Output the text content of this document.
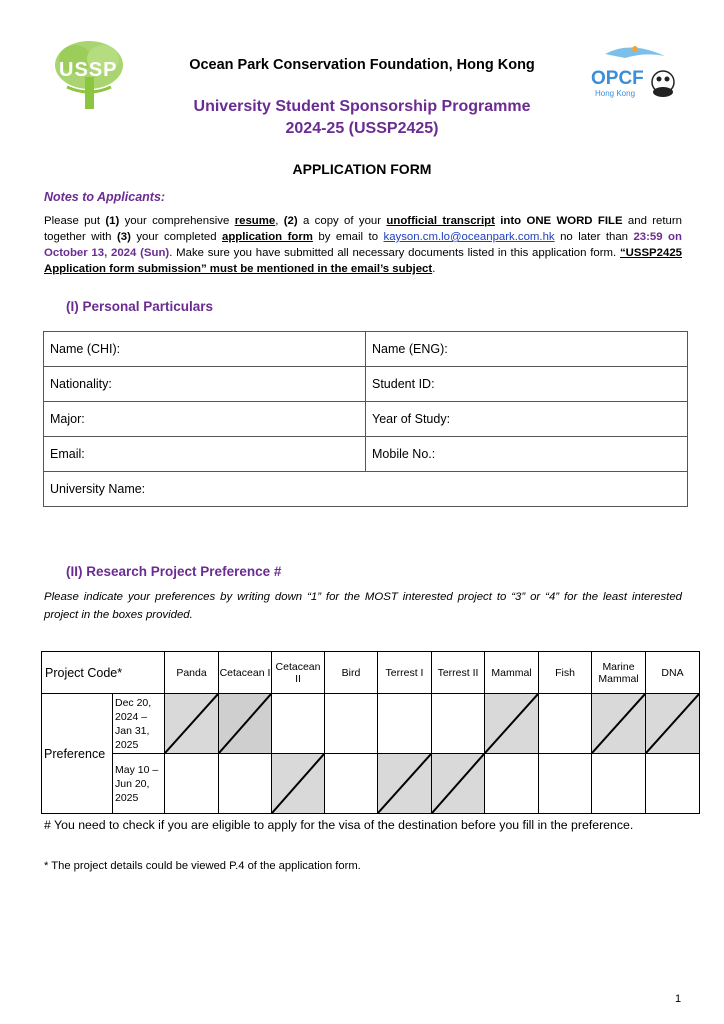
USSP	OPCF
Hong Kong
Ocean Park Conservation Foundation, Hong Kong
University Student Sponsorship Programme
2024-25 (USSP2425)
APPLICATION FORM
Notes to Applicants:
Please put (1) your comprehensive resume, (2) a copy of your unofficial transcript into ONE WORD FILE and return together with (3) your completed application form by email to kayson.cm.lo@oceanpark.com.hk no later than 23:59 on October 13, 2024 (Sun). Make sure you have submitted all necessary documents listed in this application form. “USSP2425 Application form submission” must be mentioned in the email’s subject.
(I) Personal Particulars
Name (CHI):	Name (ENG):
Nationality:	Student ID:
Major:	Year of Study:
Email:	Mobile No.:
University Name:	
(II) Research Project Preference #
Please indicate your preferences by writing down “1” for the MOST interested project to “3” or “4” for the least interested project in the boxes provided.
Project Code*		Panda	Cetacean I	Cetacean II	Bird	Terrest I	Terrest II	Mammal	Fish	Marine Mammal	DNA
Preference	Dec 20, 2024 – Jan 31, 2025	

	May 10 – Jun 20, 2025			

# You need to check if you are eligible to apply for the visa of the destination before you fill in the preference.
* The project details could be viewed P.4 of the application form.
1
